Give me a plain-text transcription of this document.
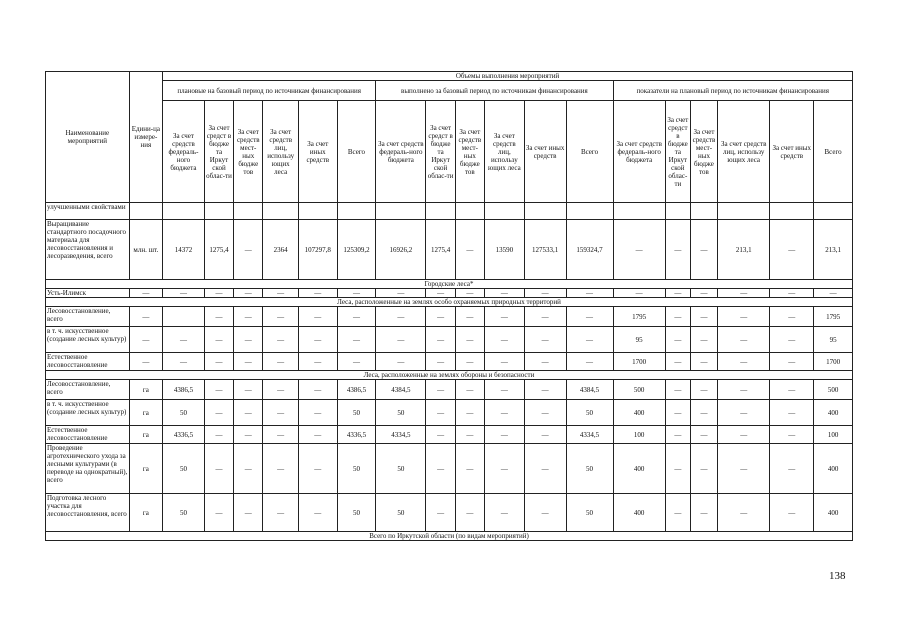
Наименование мероприятий	Едини-ца измере-ния	Объемы выполнения мероприятий																	
		плановые на базовый период по источникам финансирования						выполнено за базовый период по источникам финансирования						показатели на плановый период по источникам финансирования					
		За счет средств федераль-ного бюджета	За счет средст в бюдже та Иркут ской облас-ти	За счет средств мест-ных бюдже тов	За счет средств лиц, использу ющих леса	За счет иных средств	Всего	За счет средств федераль-ного бюджета	За счет средст в бюдже та Иркут ской облас-ти	За счет средств мест-ных бюдже тов	За счет средств лиц, использу ющих леса	За счет иных средств	Всего	За счет средств федераль-ного бюджета	За счет средст в бюдже та Иркут ской облас-ти	За счет средств мест-ных бюдже тов	За счет средств лиц, использу ющих леса	За счет иных средств	Всего
улучшенными свойствами																			
Выращивание стандартного посадочного материала для лесовосстановления и лесоразведения, всего	млн. шт.	14372	1275,4	—	2364	107297,8	125309,2	16926,2	1275,4	—	13590	127533,1	159324,7	—	—	—	213,1	—	213,1
Городские леса*																			
Усть-Илимск	—	—	—	—	—	—	—	—	—	—	—	—	—	—	—	—	—	—	—
Леса, расположенные на землях особо охраняемых природных территорий																			
Лесовосстановление, всего	—		—	—	—	—	—	—	—	—	—	—	—	1795	—	—	—	—	1795
в т. ч. искусственное (создание лесных культур)	—	—	—	—	—	—	—	—	—	—	—	—	—	95	—	—	—	—	95
Естественное лесовосстановление	—	—	—	—	—	—	—	—	—	—	—	—	—	1700	—	—	—	—	1700
Леса, расположенные на землях обороны и безопасности																			
Лесовосстановление, всего	га	4386,5	—	—	—	—	4386,5	4384,5	—	—	—	—	4384,5	500	—	—	—	—	500
в т. ч. искусственное (создание лесных культур)	га	50	—	—	—	—	50	50	—	—	—	—	50	400	—	—	—	—	400
Естественное лесовосстановление	га	4336,5	—	—	—	—	4336,5	4334,5	—	—	—	—	4334,5	100	—	—	—	—	100
Проведение агротехнического ухода за лесными культурами (в переводе на однократный), всего	га	50	—	—	—	—	50	50	—	—	—	—	50	400	—	—	—	—	400
Подготовка лесного участка для лесовосстановления, всего	га	50	—	—	—	—	50	50	—	—	—	—	50	400	—	—	—	—	400
Всего по Иркутской области (по видам мероприятий)																			
138
